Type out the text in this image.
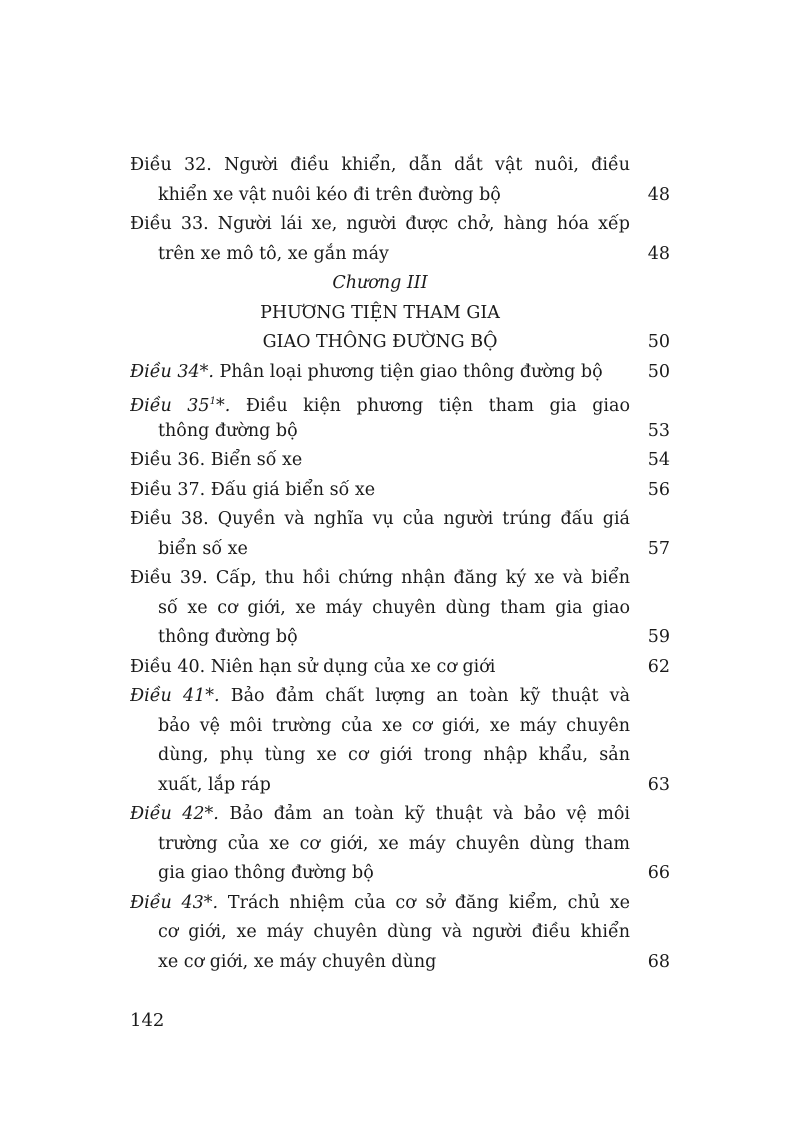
Điều 32. Người điều khiển, dẫn dắt vật nuôi, điều
khiển xe vật nuôi kéo đi trên đường bộ	48
Điều 33. Người lái xe, người được chở, hàng hóa xếp
trên xe mô tô, xe gắn máy	48
Chương III
PHƯƠNG TIỆN THAM GIA
GIAO THÔNG ĐƯỜNG BỘ	50
Điều 34*. Phân loại phương tiện giao thông đường bộ	50
Điều $35^1*$. Điều kiện phương tiện tham gia giao
thông đường bộ	53
Điều 36. Biển số xe	54
Điều 37. Đấu giá biển số xe	56
Điều 38. Quyền và nghĩa vụ của người trúng đấu giá
biển số xe	57
Điều 39. Cấp, thu hồi chứng nhận đăng ký xe và biển
số xe cơ giới, xe máy chuyên dùng tham gia giao
thông đường bộ	59
Điều 40. Niên hạn sử dụng của xe cơ giới	62
Điều 41*. Bảo đảm chất lượng an toàn kỹ thuật và
bảo vệ môi trường của xe cơ giới, xe máy chuyên
dùng, phụ tùng xe cơ giới trong nhập khẩu, sản
xuất, lắp ráp	63
Điều 42*. Bảo đảm an toàn kỹ thuật và bảo vệ môi
trường của xe cơ giới, xe máy chuyên dùng tham
gia giao thông đường bộ	66
Điều 43*. Trách nhiệm của cơ sở đăng kiểm, chủ xe
cơ giới, xe máy chuyên dùng và người điều khiển
xe cơ giới, xe máy chuyên dùng	68
142
